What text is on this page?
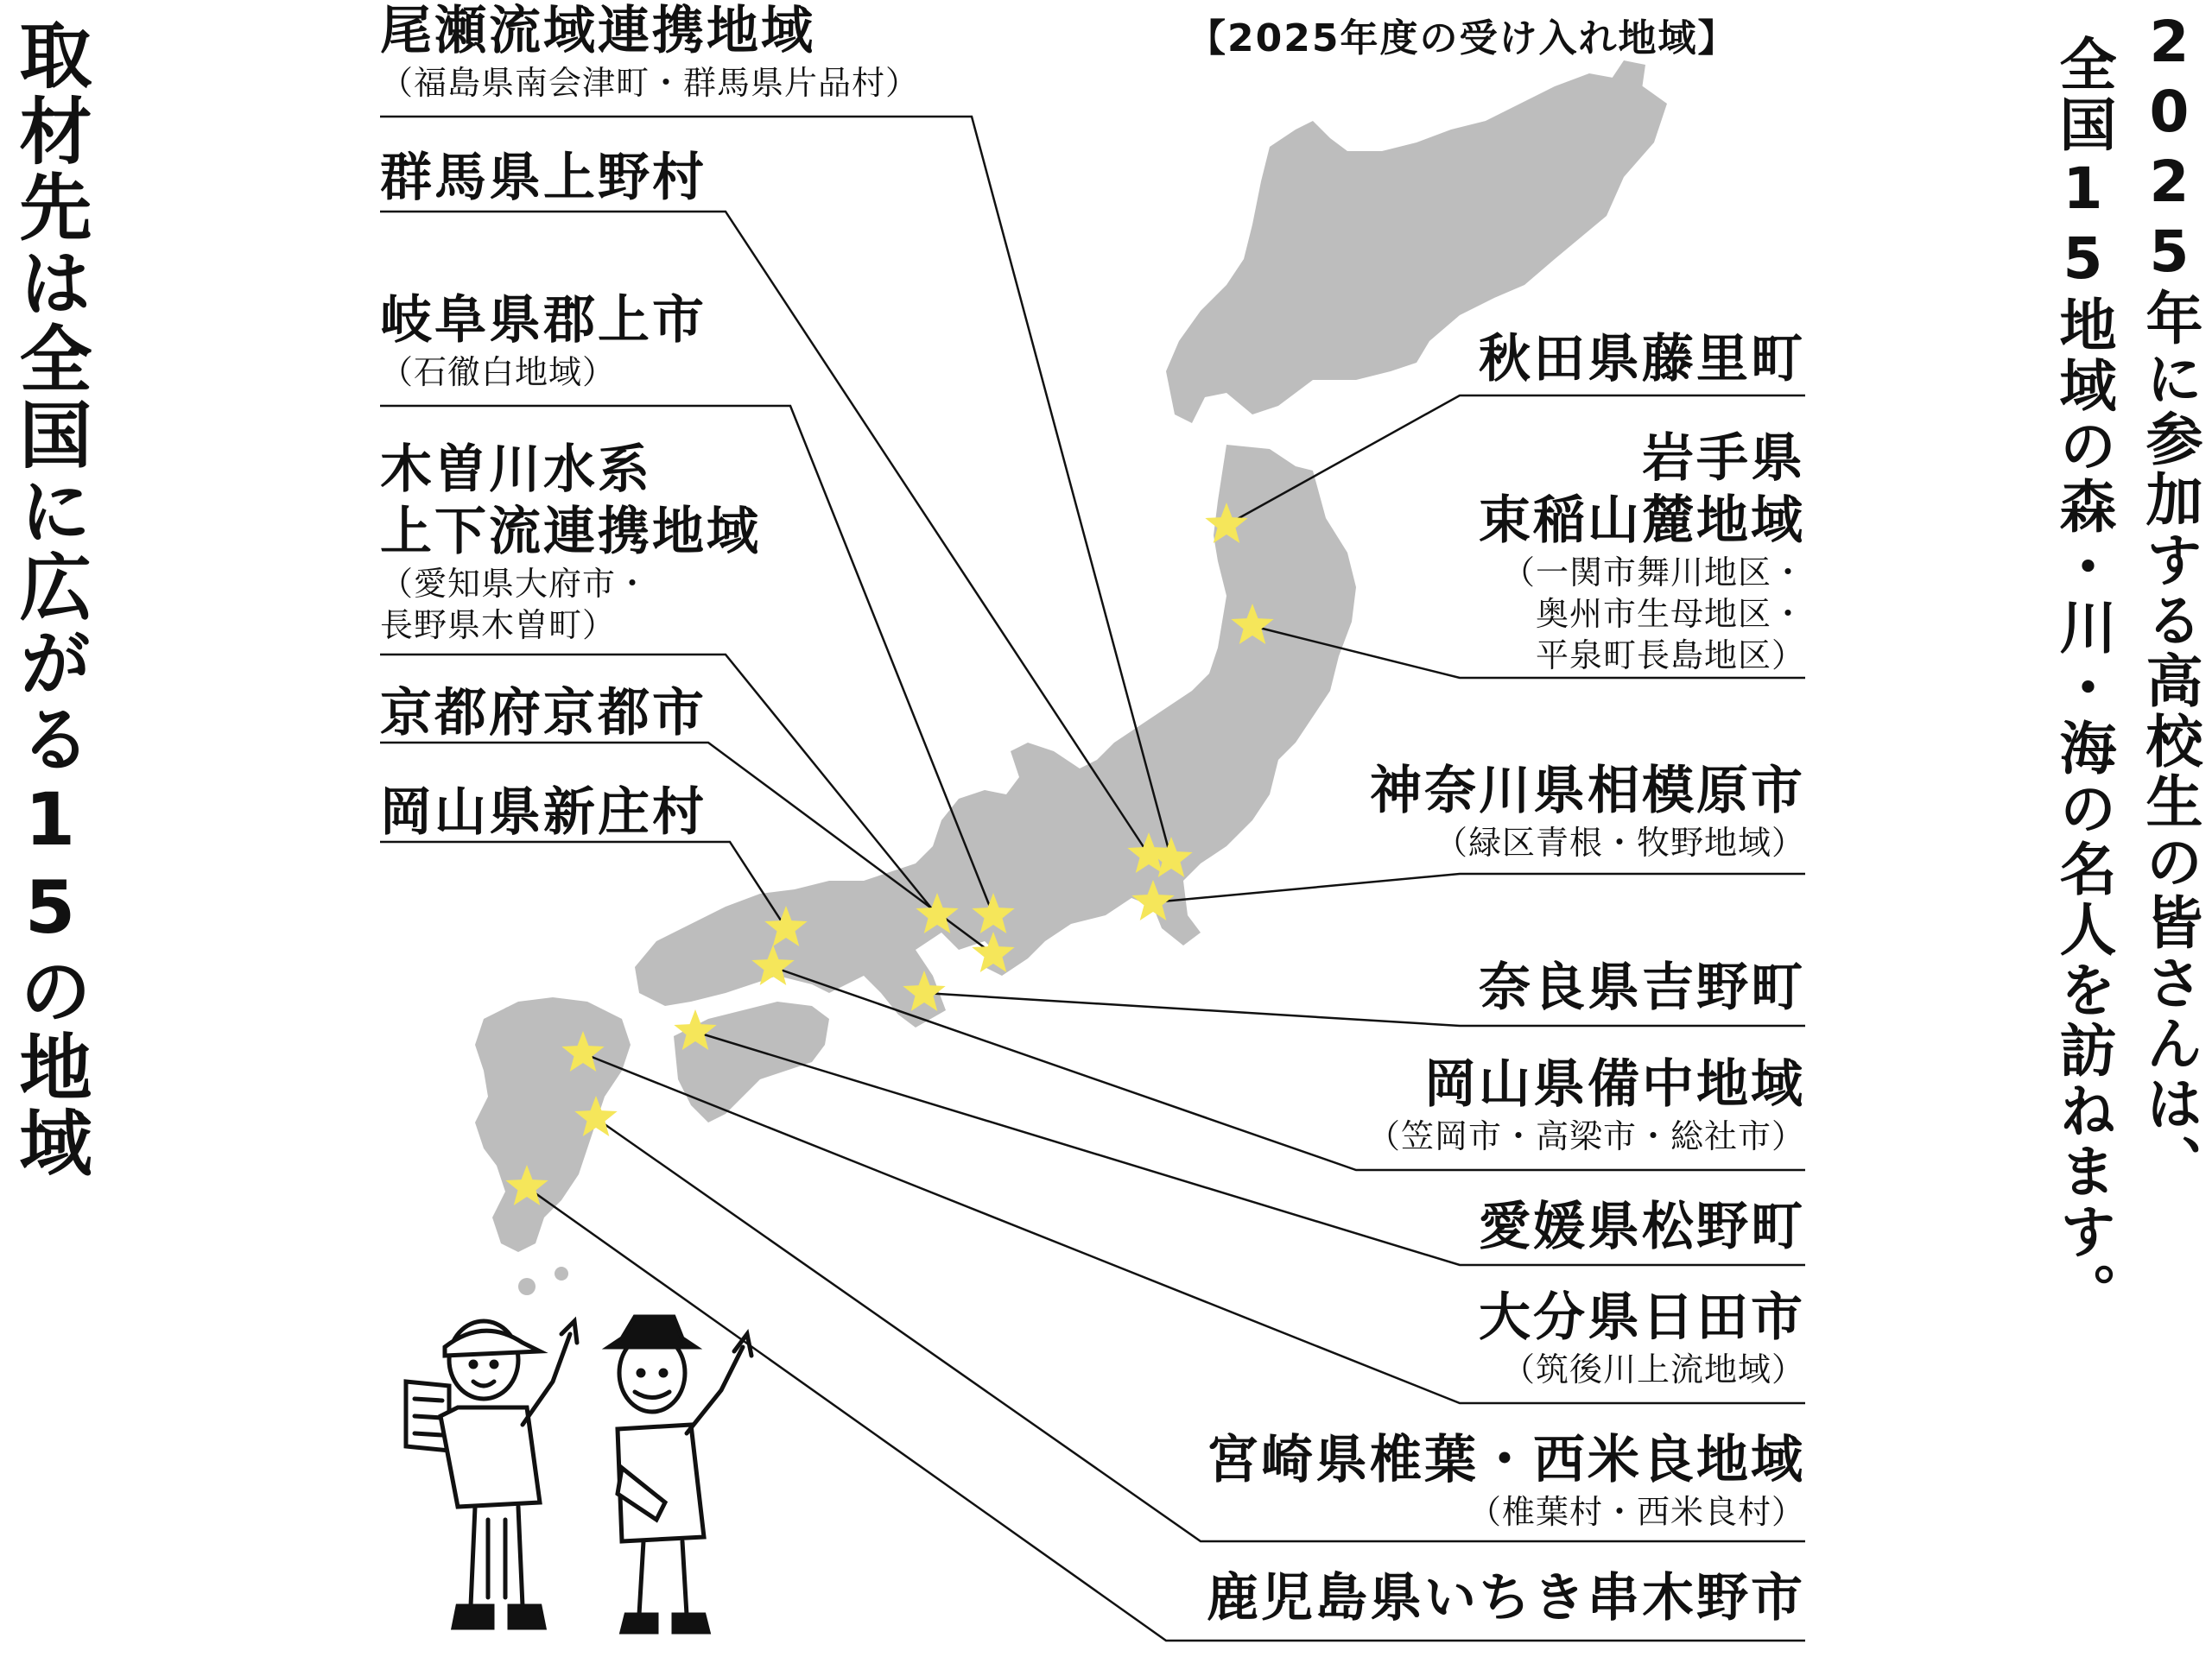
取材先は全国に広がる15の地域	2025年に参加する高校生の皆さんは、
全国15地域の森・川・海の名人を訪ねます。
【2025年度の受け入れ地域】
尾瀬流域連携地域
（福島県南会津町・群馬県片品村）
群馬県上野村
岐阜県郡上市
（石徹白地域）
木曽川水系
上下流連携地域
（愛知県大府市・
長野県木曽町）
京都府京都市
岡山県新庄村
秋田県藤里町
岩手県
束稲山麓地域
（一関市舞川地区・
奥州市生母地区・
平泉町長島地区）
神奈川県相模原市
（緑区青根・牧野地域）
奈良県吉野町
岡山県備中地域
（笠岡市・高梁市・総社市）
愛媛県松野町
大分県日田市
（筑後川上流地域）
宮崎県椎葉・西米良地域
（椎葉村・西米良村）
鹿児島県いちき串木野市
